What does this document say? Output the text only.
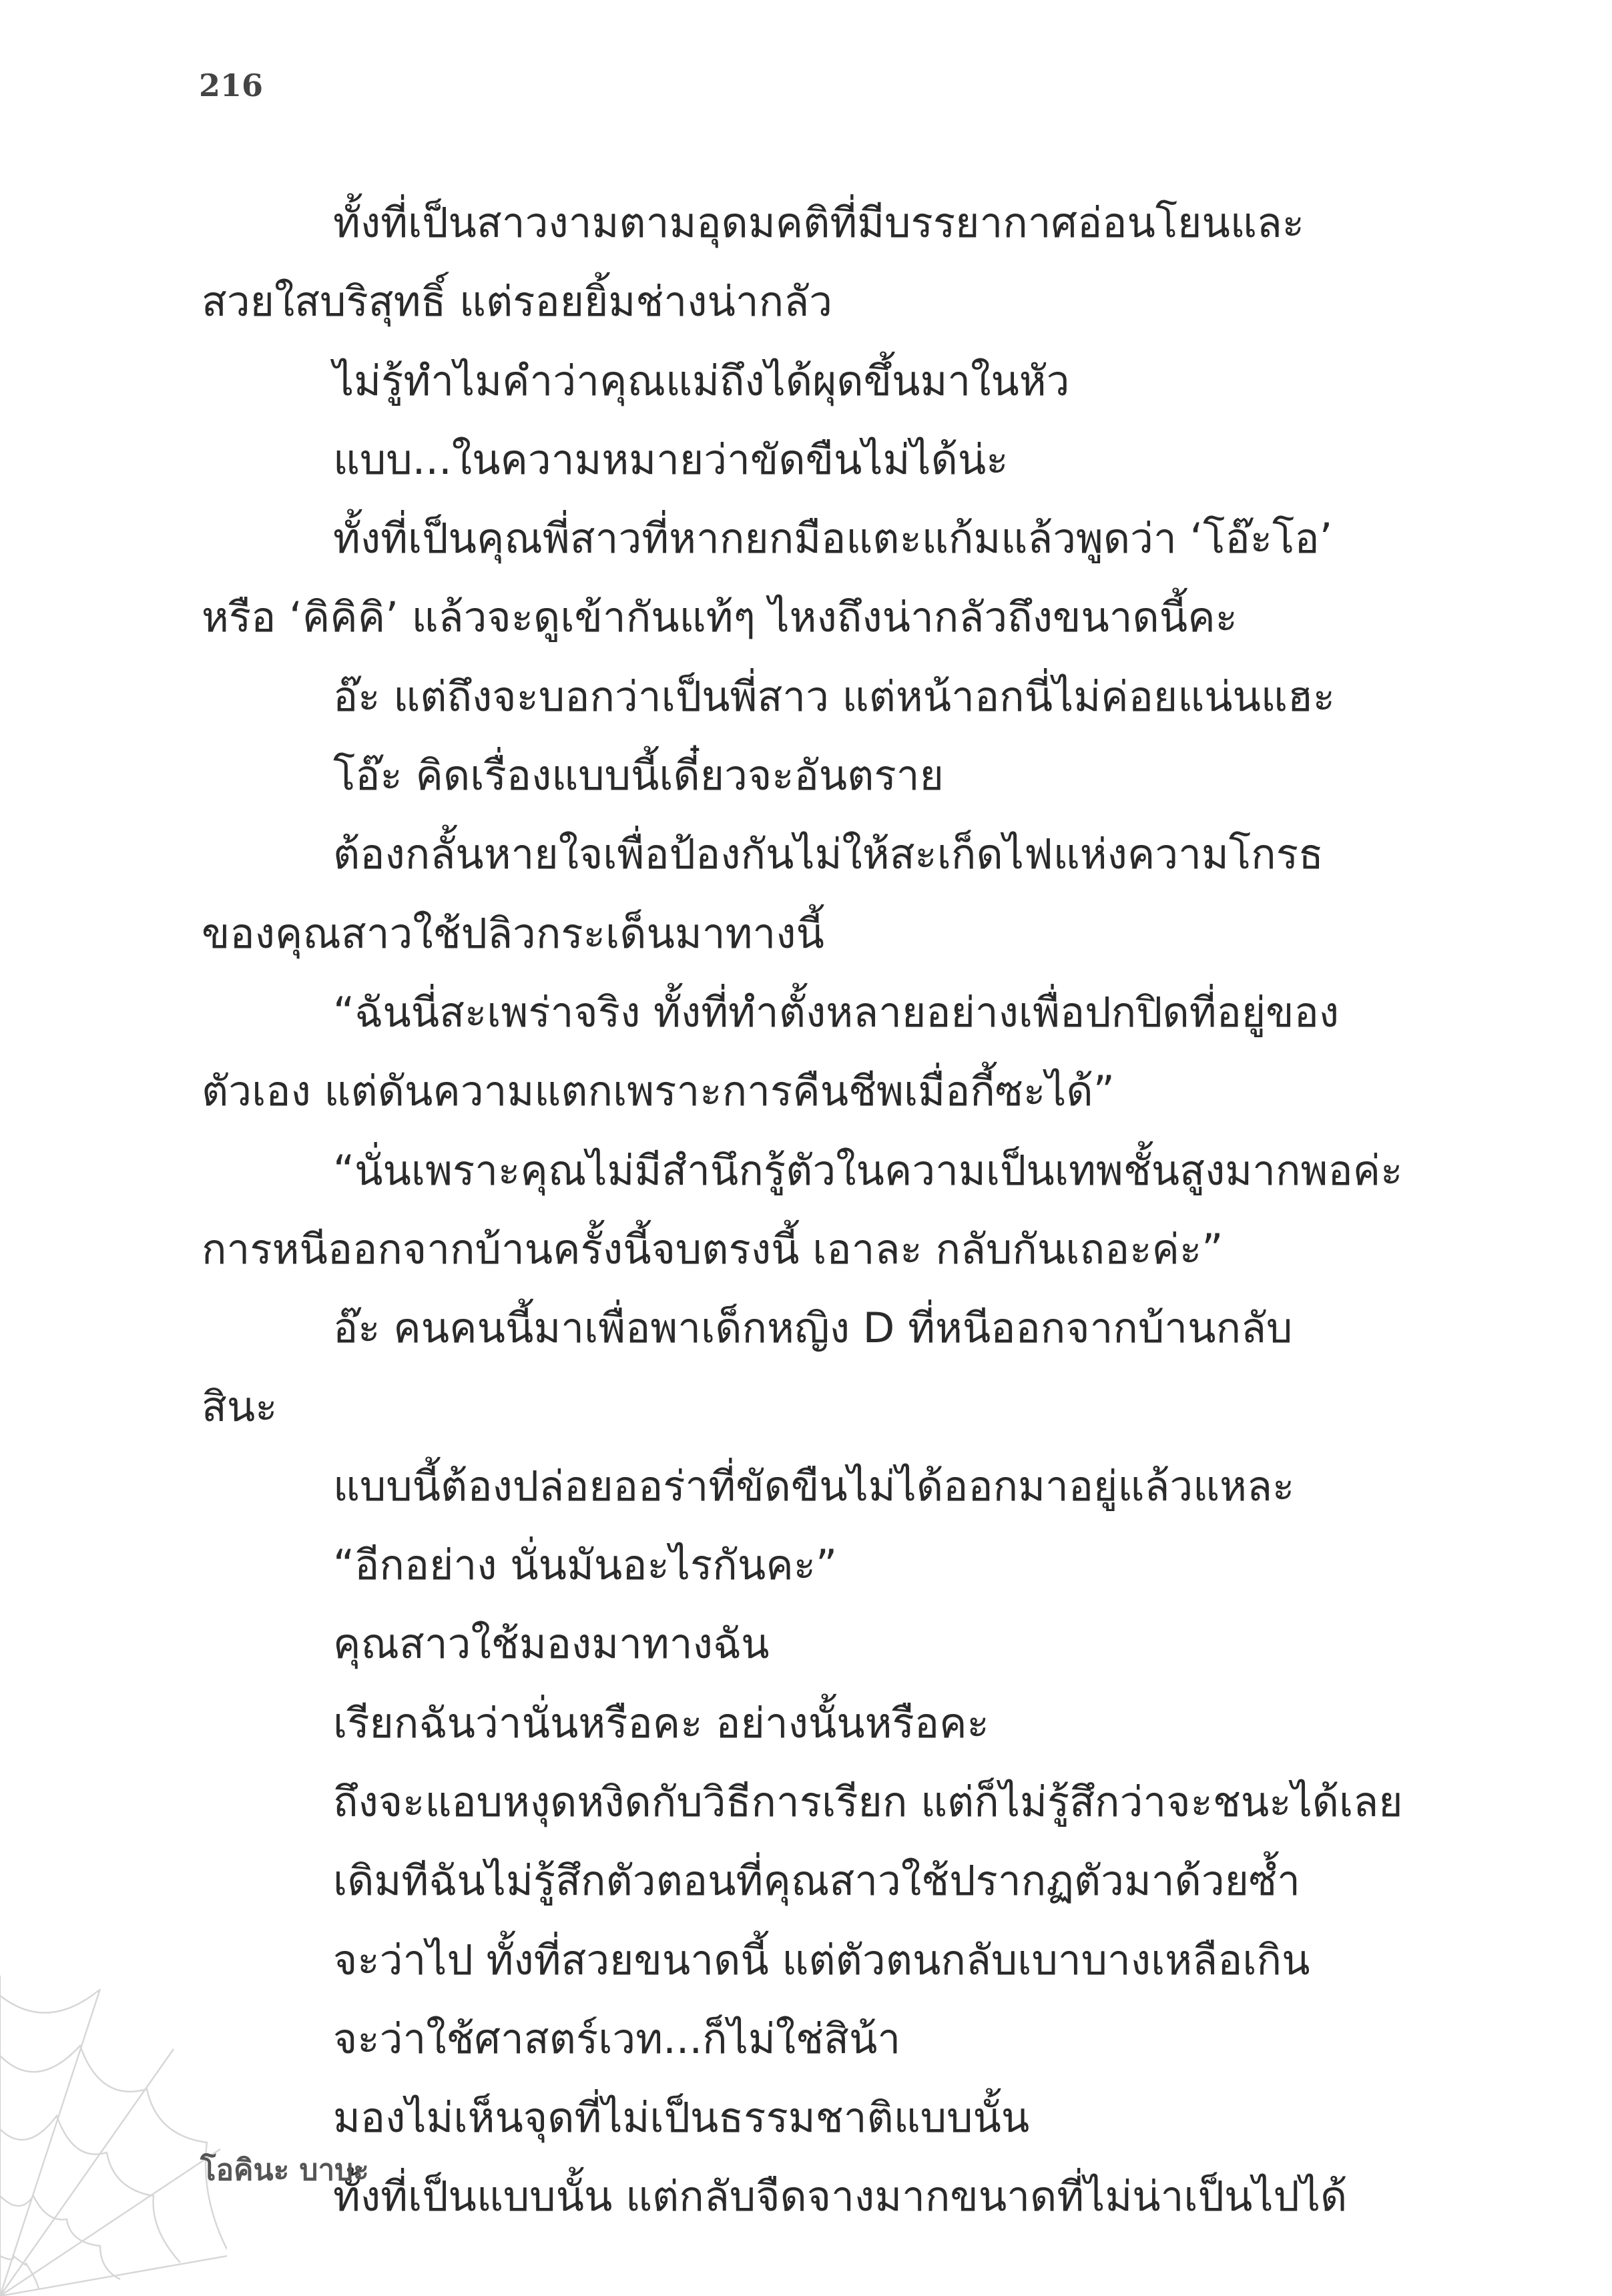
216
ทั้งที่เป็นสาวงามตามอุดมคติที่มีบรรยากาศอ่อนโยนและ
สวยใสบริสุทธิ์ แต่รอยยิ้มช่างน่ากลัว
ไม่รู้ทำไมคำว่าคุณแม่ถึงได้ผุดขึ้นมาในหัว
แบบ...ในความหมายว่าขัดขืนไม่ได้น่ะ
ทั้งที่เป็นคุณพี่สาวที่หากยกมือแตะแก้มแล้วพูดว่า ‘โอ๊ะโอ’
หรือ ‘คิคิคิ’ แล้วจะดูเข้ากันแท้ๆ ไหงถึงน่ากลัวถึงขนาดนี้คะ
อ๊ะ แต่ถึงจะบอกว่าเป็นพี่สาว แต่หน้าอกนี่ไม่ค่อยแน่นแฮะ
โอ๊ะ คิดเรื่องแบบนี้เดี๋ยวจะอันตราย
ต้องกลั้นหายใจเพื่อป้องกันไม่ให้สะเก็ดไฟแห่งความโกรธ
ของคุณสาวใช้ปลิวกระเด็นมาทางนี้
“ฉันนี่สะเพร่าจริง ทั้งที่ทำตั้งหลายอย่างเพื่อปกปิดที่อยู่ของ
ตัวเอง แต่ดันความแตกเพราะการคืนชีพเมื่อกี้ซะได้”
“นั่นเพราะคุณไม่มีสำนึกรู้ตัวในความเป็นเทพชั้นสูงมากพอค่ะ
การหนีออกจากบ้านครั้งนี้จบตรงนี้ เอาละ กลับกันเถอะค่ะ”
อ๊ะ คนคนนี้มาเพื่อพาเด็กหญิง D ที่หนีออกจากบ้านกลับ
สินะ
แบบนี้ต้องปล่อยออร่าที่ขัดขืนไม่ได้ออกมาอยู่แล้วแหละ
“อีกอย่าง นั่นมันอะไรกันคะ”
คุณสาวใช้มองมาทางฉัน
เรียกฉันว่านั่นหรือคะ อย่างนั้นหรือคะ
ถึงจะแอบหงุดหงิดกับวิธีการเรียก แต่ก็ไม่รู้สึกว่าจะชนะได้เลย
เดิมทีฉันไม่รู้สึกตัวตอนที่คุณสาวใช้ปรากฏตัวมาด้วยซ้ำ
จะว่าไป ทั้งที่สวยขนาดนี้ แต่ตัวตนกลับเบาบางเหลือเกิน
จะว่าใช้ศาสตร์เวท...ก็ไม่ใช่สิน้า
มองไม่เห็นจุดที่ไม่เป็นธรรมชาติแบบนั้น
ทั้งที่เป็นแบบนั้น แต่กลับจืดจางมากขนาดที่ไม่น่าเป็นไปได้
โอคินะ บาบะ
